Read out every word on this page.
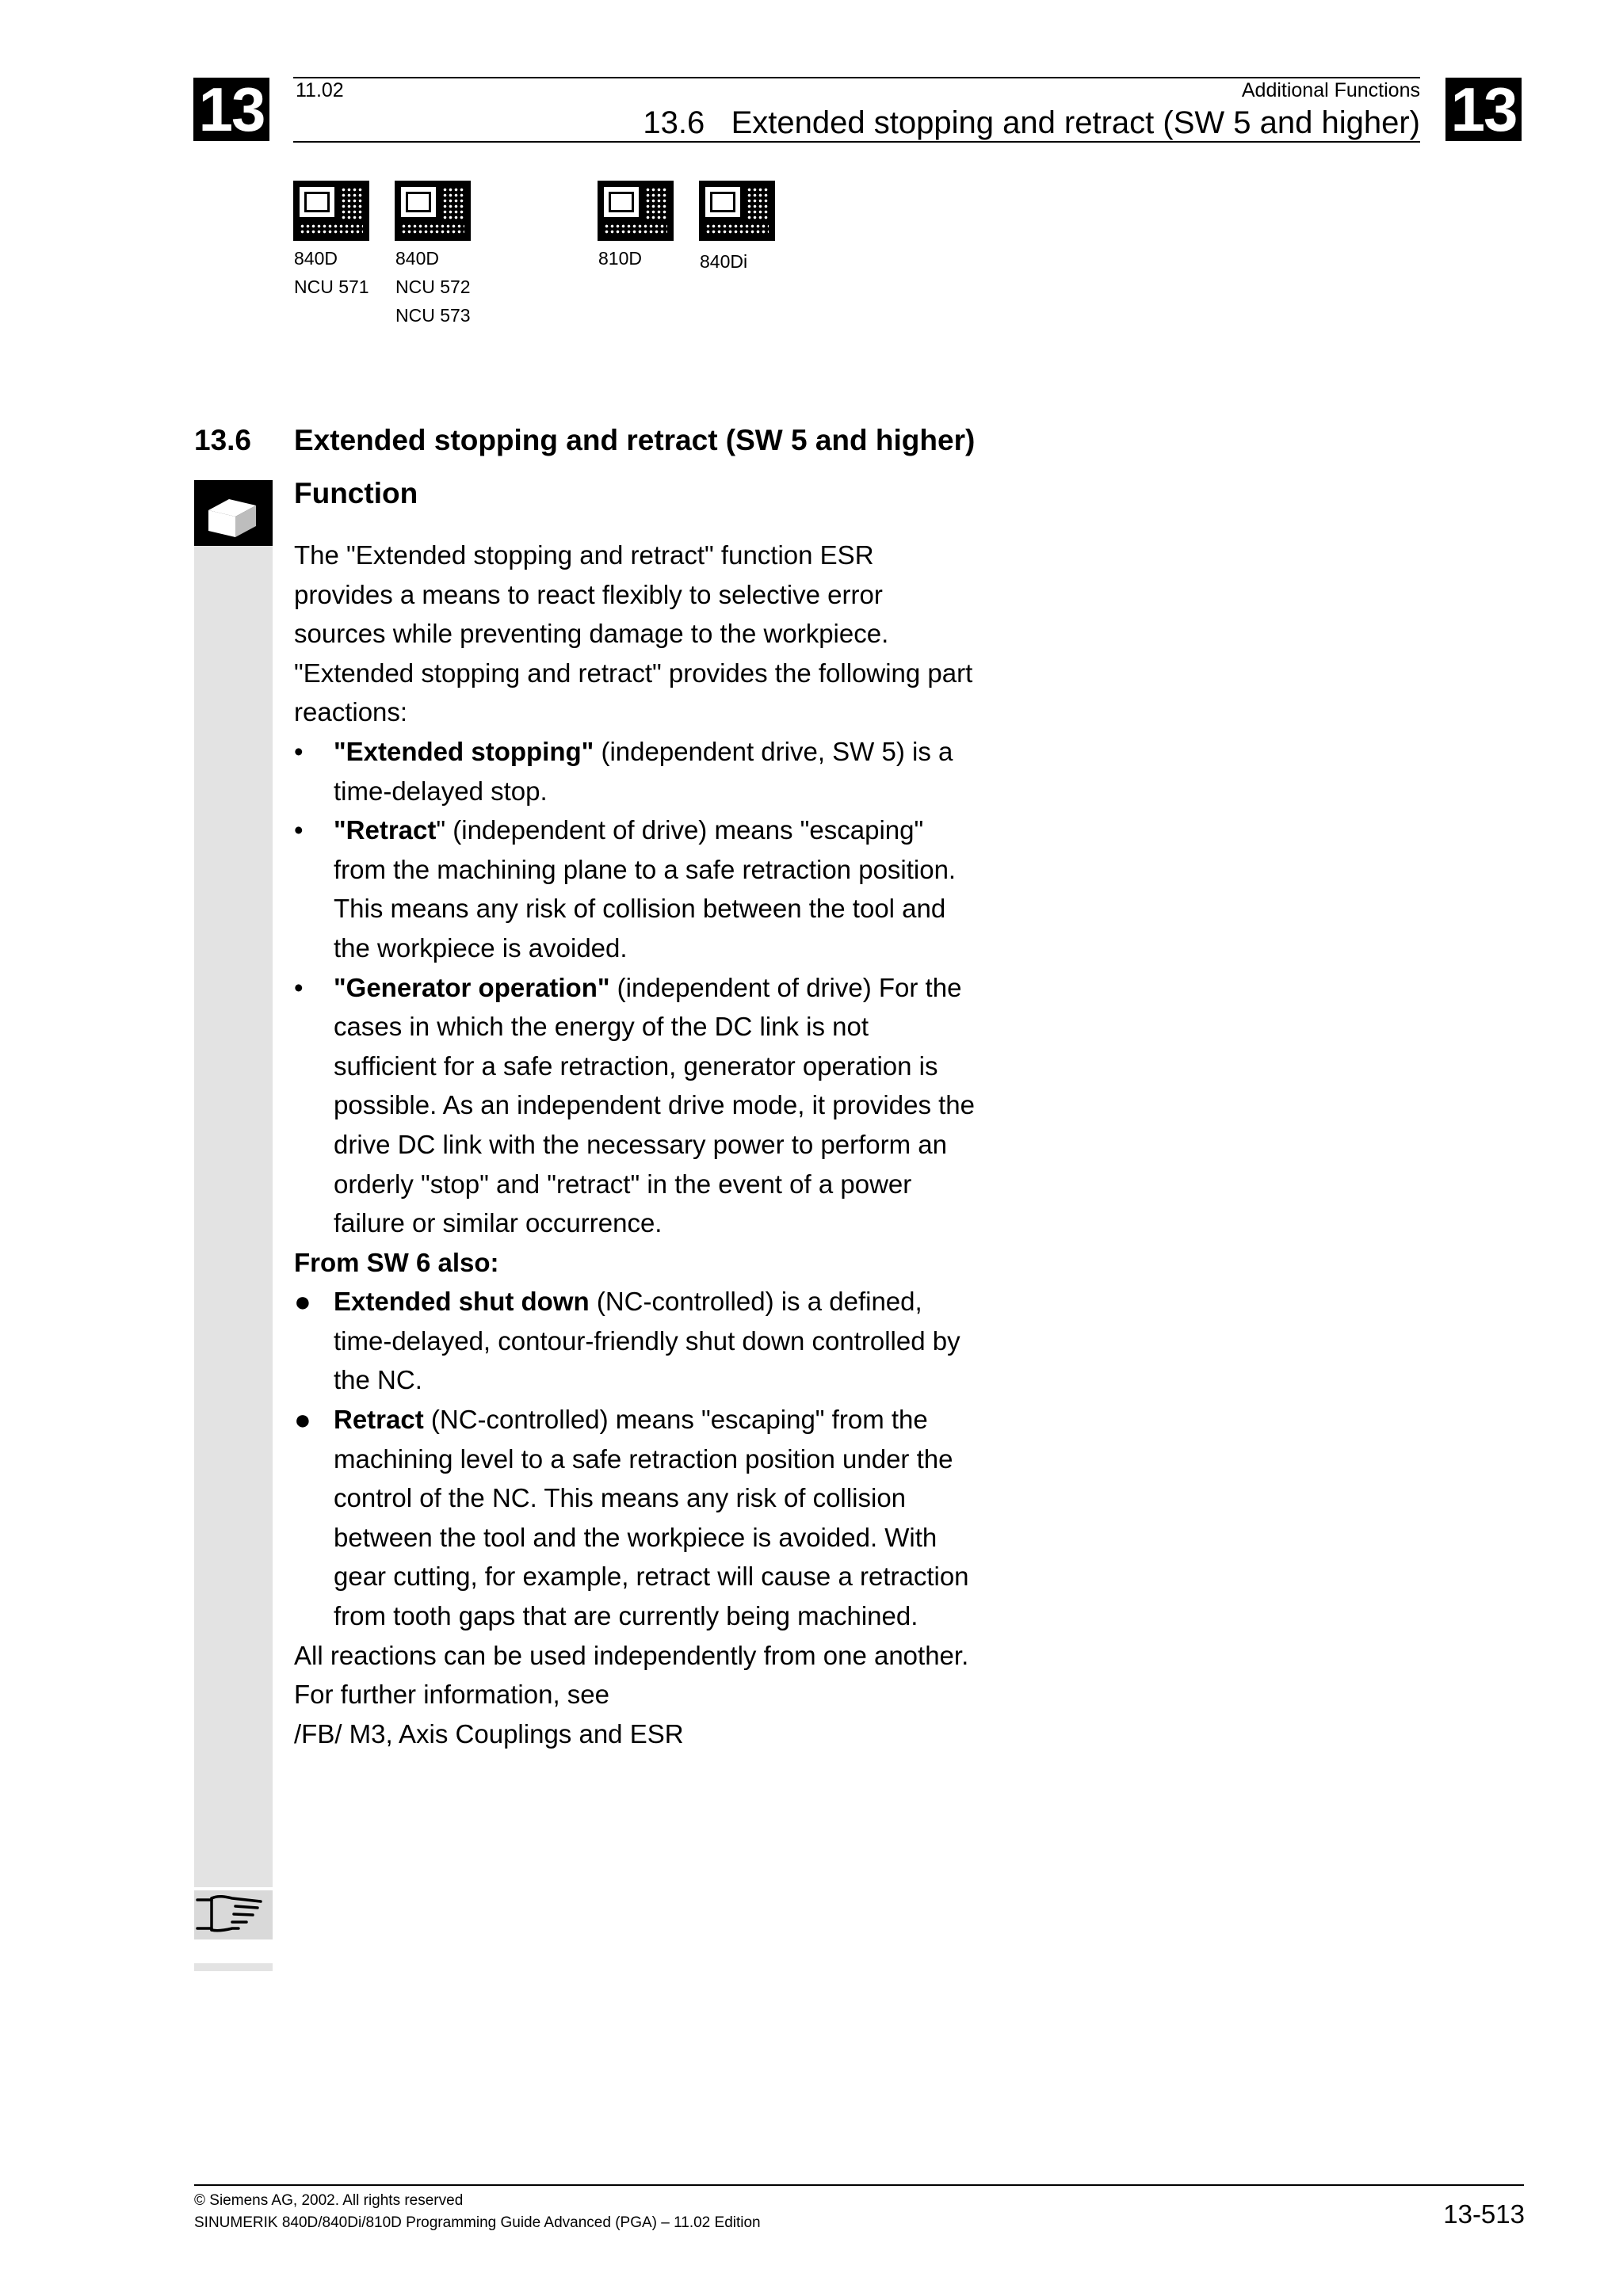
13	13
11.02	Additional Functions
13.6   Extended stopping and retract (SW 5 and higher)
840D
NCU 571
840D
NCU 572
NCU 573
810D	840Di
13.6 Extended stopping and retract (SW 5 and higher)
Function

The "Extended stopping and retract" function ESR provides a means to react flexibly to selective error sources while preventing damage to the workpiece. "Extended stopping and retract" provides the following part reactions:

• "Extended stopping" (independent drive, SW 5) is a time-delayed stop.
• "Retract" (independent of drive) means "escaping" from the machining plane to a safe retraction position. This means any risk of collision between the tool and the workpiece is avoided.
• "Generator operation" (independent of drive) For the cases in which the energy of the DC link is not sufficient for a safe retraction, generator operation is possible. As an independent drive mode, it provides the drive DC link with the necessary power to perform an orderly "stop" and "retract" in the event of a power failure or similar occurrence.

From SW 6 also:

● Extended shut down (NC-controlled) is a defined, time-delayed, contour-friendly shut down controlled by the NC.
● Retract (NC-controlled) means "escaping" from the machining level to a safe retraction position under the control of the NC. This means any risk of collision between the tool and the workpiece is avoided. With gear cutting, for example, retract will cause a retraction from tooth gaps that are currently being machined.

All reactions can be used independently from one another.

For further information, see

/FB/ M3, Axis Couplings and ESR

© Siemens AG, 2002. All rights reserved
SINUMERIK 840D/840Di/810D Programming Guide Advanced (PGA) – 11.02 Edition	13-513
